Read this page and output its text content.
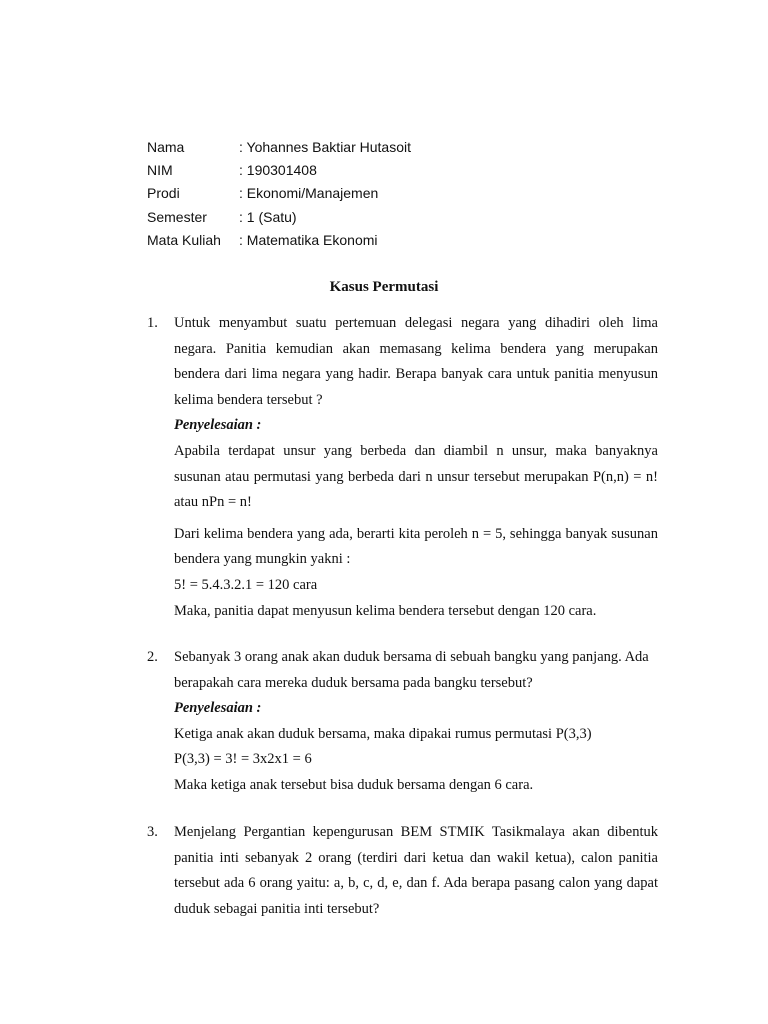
Nama	: Yohannes Baktiar Hutasoit
NIM	: 190301408
Prodi	: Ekonomi/Manajemen
Semester	: 1 (Satu)
Mata Kuliah	: Matematika Ekonomi
Kasus Permutasi
1. Untuk menyambut suatu pertemuan delegasi negara yang dihadiri oleh lima negara. Panitia kemudian akan memasang kelima bendera yang merupakan bendera dari lima negara yang hadir. Berapa banyak cara untuk panitia menyusun kelima bendera tersebut ?
Penyelesaian :
Apabila terdapat unsur yang berbeda dan diambil n unsur, maka banyaknya susunan atau permutasi yang berbeda dari n unsur tersebut merupakan P(n,n) = n! atau nPn = n!
Dari kelima bendera yang ada, berarti kita peroleh n = 5, sehingga banyak susunan bendera yang mungkin yakni :
5! = 5.4.3.2.1 = 120 cara
Maka, panitia dapat menyusun kelima bendera tersebut dengan 120 cara.
2. Sebanyak 3 orang anak akan duduk bersama di sebuah bangku yang panjang. Ada berapakah cara mereka duduk bersama pada bangku tersebut?
Penyelesaian :
Ketiga anak akan duduk bersama, maka dipakai rumus permutasi P(3,3)
P(3,3) = 3! = 3x2x1 = 6
Maka ketiga anak tersebut bisa duduk bersama dengan 6 cara.
3. Menjelang Pergantian kepengurusan BEM STMIK Tasikmalaya akan dibentuk panitia inti sebanyak 2 orang (terdiri dari ketua dan wakil ketua), calon panitia tersebut ada 6 orang yaitu: a, b, c, d, e, dan f. Ada berapa pasang calon yang dapat duduk sebagai panitia inti tersebut?
